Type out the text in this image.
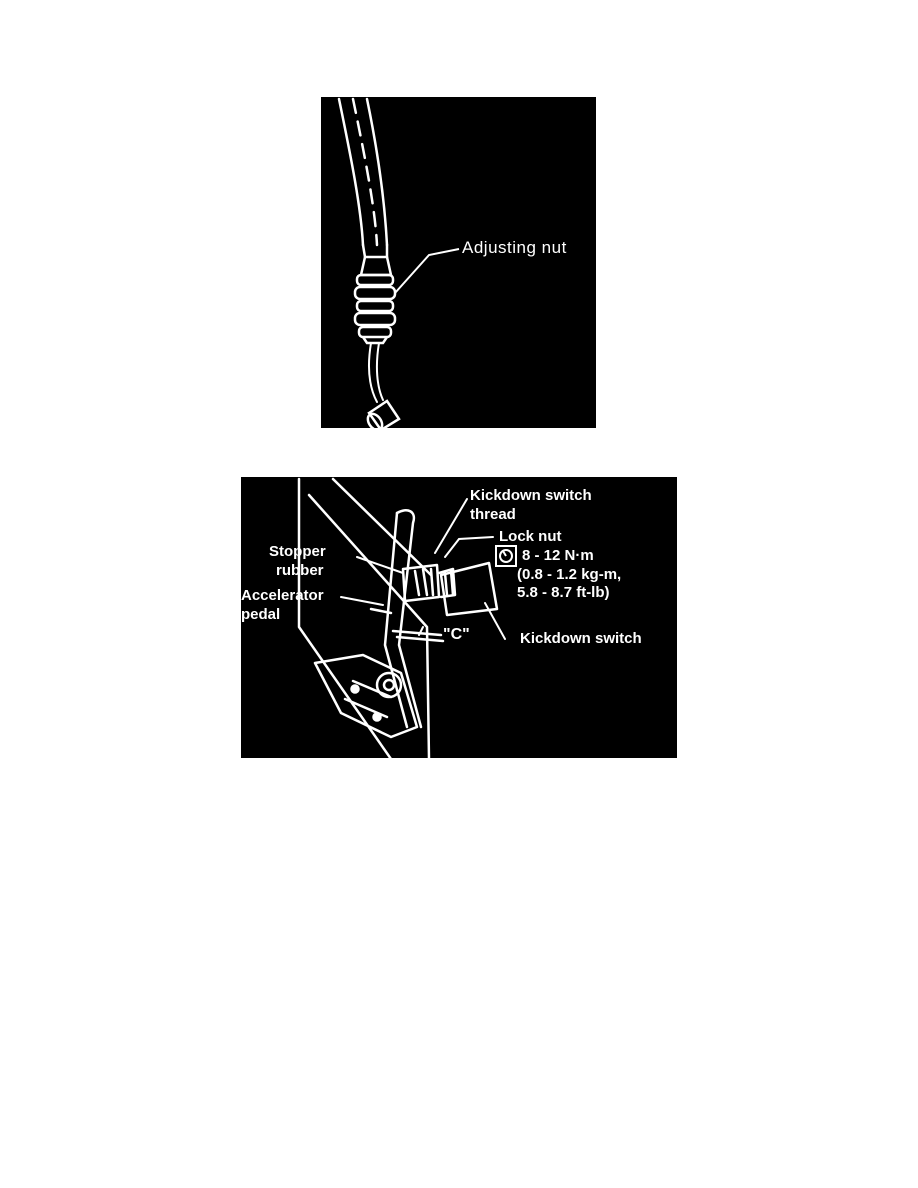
Adjusting nut
Kickdown switch
thread
Lock nut
8 - 12 N·m
(0.8 - 1.2 kg-m,
5.8 - 8.7 ft-lb)
Stopper
rubber
Accelerator
pedal
"C"	Kickdown switch
